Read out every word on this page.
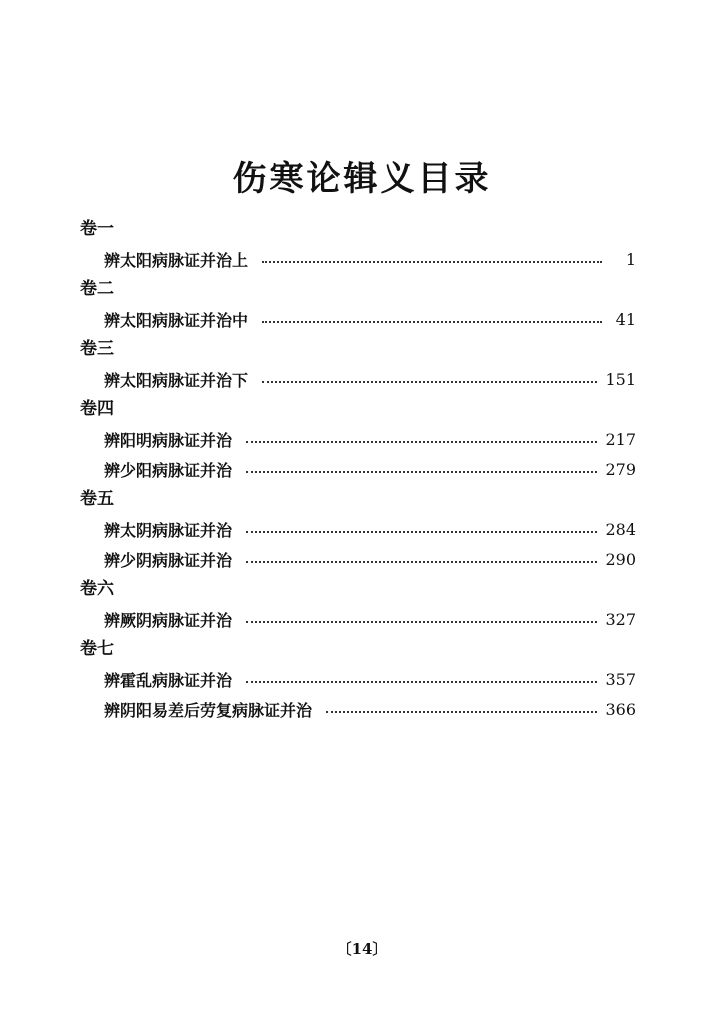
伤寒论辑义目录
卷一
辨太阳病脉证并治上	1
卷二
辨太阳病脉证并治中	41
卷三
辨太阳病脉证并治下	151
卷四
辨阳明病脉证并治	217
辨少阳病脉证并治	279
卷五
辨太阴病脉证并治	284
辨少阴病脉证并治	290
卷六
辨厥阴病脉证并治	327
卷七
辨霍乱病脉证并治	357
辨阴阳易差后劳复病脉证并治	366
〔14〕
